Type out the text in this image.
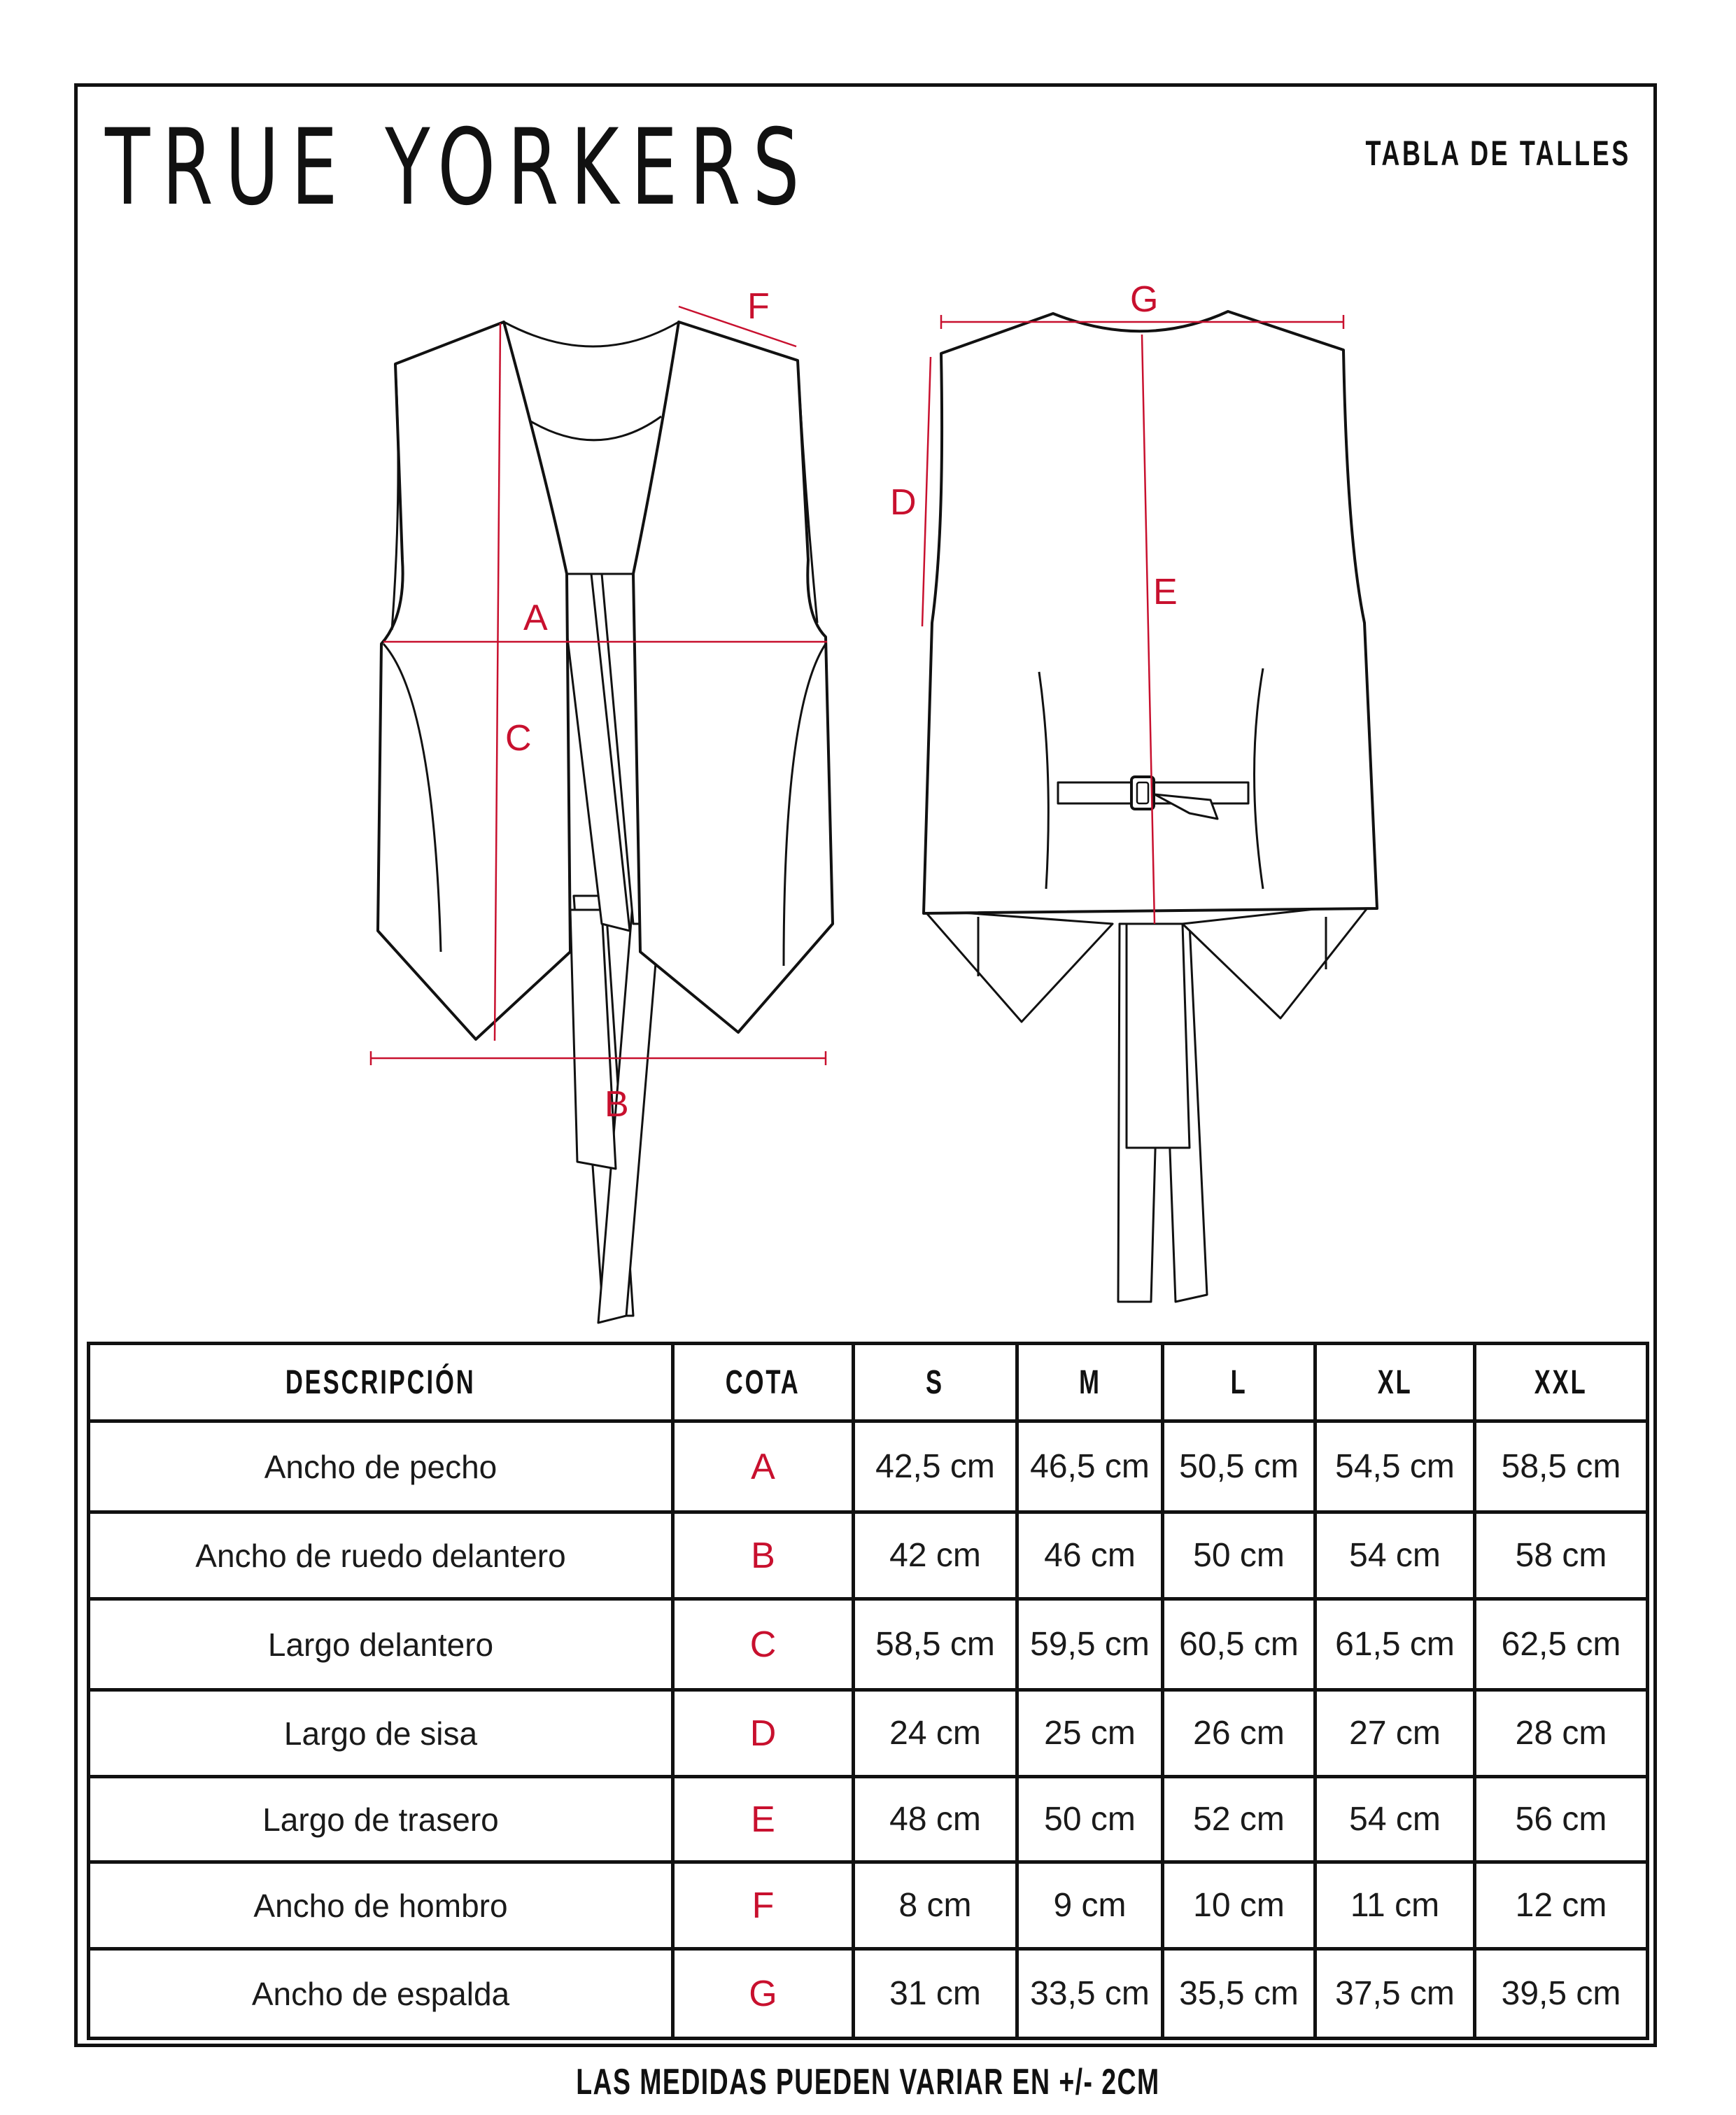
TRUE YORKERS	TABLA DE TALLES
A
B
C
F
D
E
G
DESCRIPCIÓN	COTA	S	M	L	XL	XXL
Ancho de pecho	A	42,5 cm	46,5 cm	50,5 cm	54,5 cm	58,5 cm
Ancho de ruedo delantero	B	42 cm	46 cm	50 cm	54 cm	58 cm
Largo delantero	C	58,5 cm	59,5 cm	60,5 cm	61,5 cm	62,5 cm
Largo de sisa	D	24 cm	25 cm	26 cm	27 cm	28 cm
Largo de trasero	E	48 cm	50 cm	52 cm	54 cm	56 cm
Ancho de hombro	F	8 cm	9 cm	10 cm	11 cm	12 cm
Ancho de espalda	G	31 cm	33,5 cm	35,5 cm	37,5 cm	39,5 cm
LAS MEDIDAS PUEDEN VARIAR EN +/- 2CM
